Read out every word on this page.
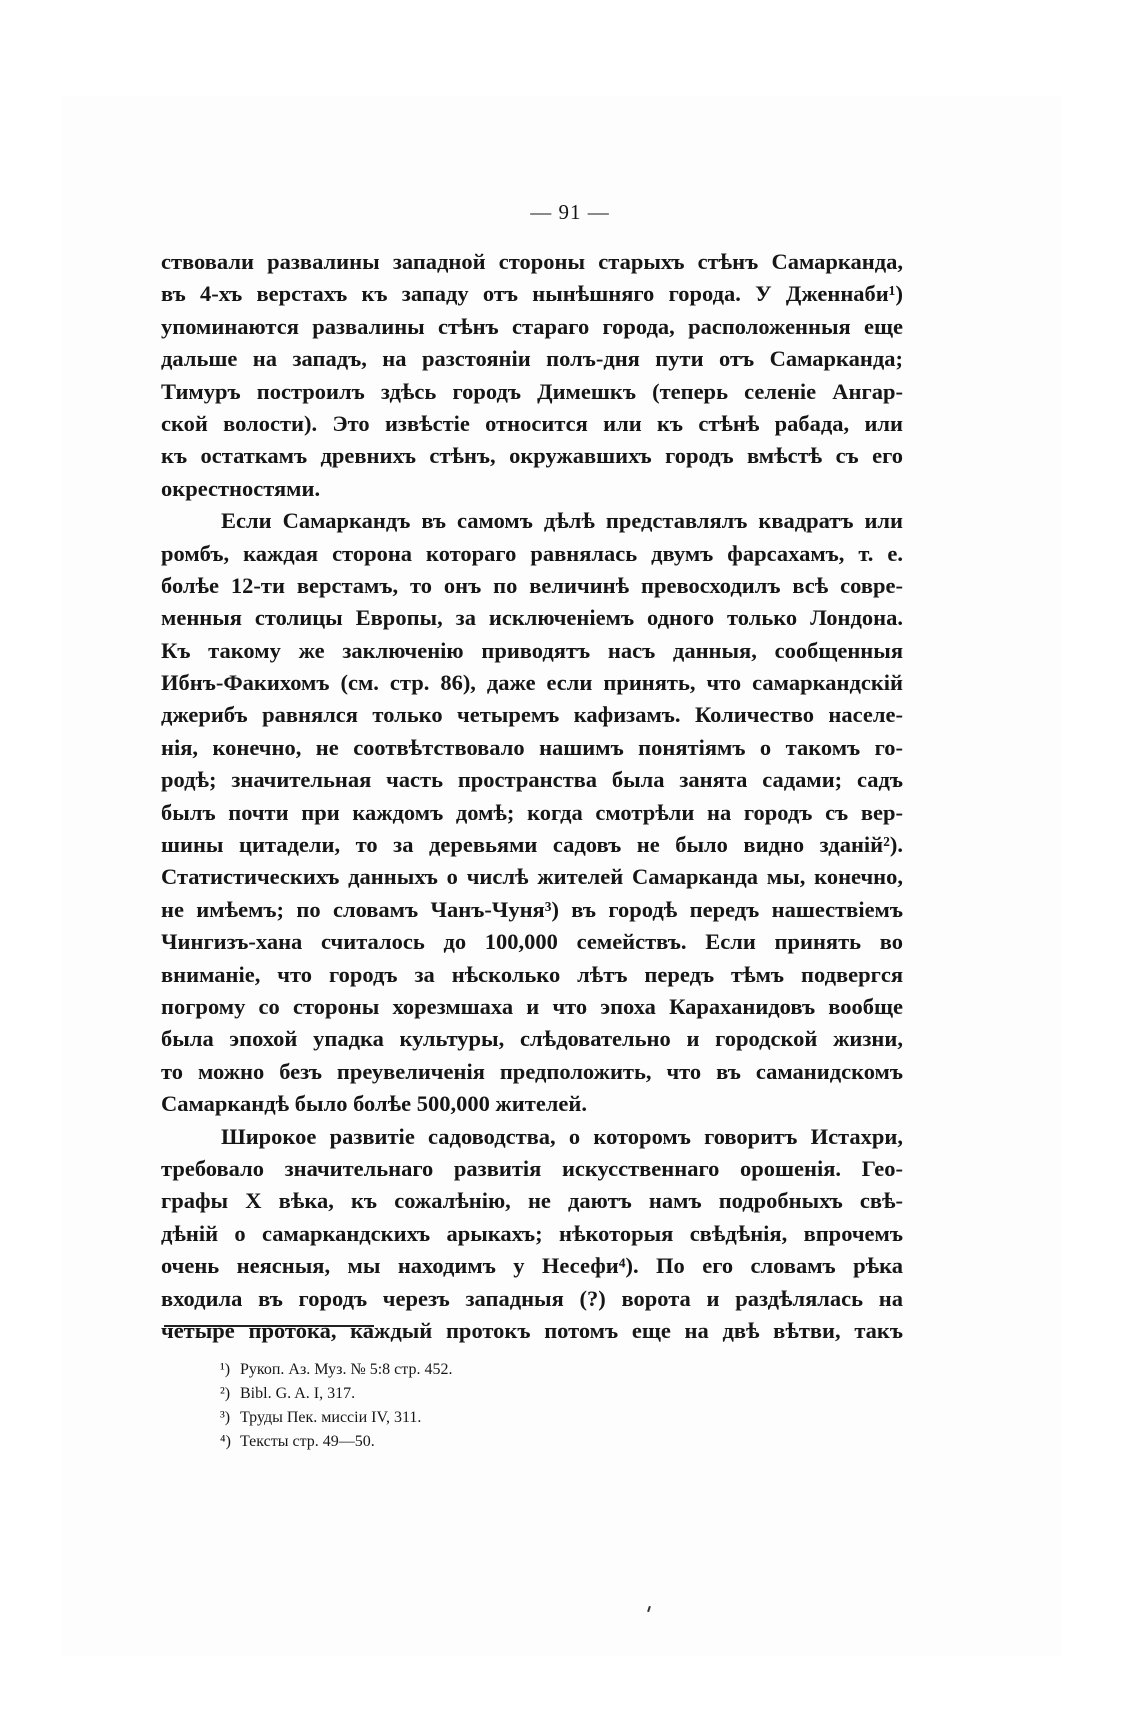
— 91 —
ствовали развалины западной стороны старыхъ стѣнъ Самарканда,
въ 4-хъ верстахъ къ западу отъ нынѣшняго города. У Дженнаби¹)
упоминаются развалины стѣнъ стараго города, расположенныя еще
дальше на западъ, на разстояніи полъ-дня пути отъ Самарканда;
Тимуръ построилъ здѣсь городъ Димешкъ (теперь селеніе Ангар-
ской волости). Это извѣстіе относится или къ стѣнѣ рабада, или
къ остаткамъ древнихъ стѣнъ, окружавшихъ городъ вмѣстѣ съ его
окрестностями.
Если Самаркандъ въ самомъ дѣлѣ представлялъ квадратъ или
ромбъ, каждая сторона котораго равнялась двумъ фарсахамъ, т. е.
болѣе 12-ти верстамъ, то онъ по величинѣ превосходилъ всѣ совре-
менныя столицы Европы, за исключеніемъ одного только Лондона.
Къ такому же заключенію приводятъ насъ данныя, сообщенныя
Ибнъ-Факихомъ (см. стр. 86), даже если принять, что самаркандскій
джерибъ равнялся только четыремъ кафизамъ. Количество населе-
нія, конечно, не соотвѣтствовало нашимъ понятіямъ о такомъ го-
родѣ; значительная часть пространства была занята садами; садъ
былъ почти при каждомъ домѣ; когда смотрѣли на городъ съ вер-
шины цитадели, то за деревьями садовъ не было видно зданій²).
Статистическихъ данныхъ о числѣ жителей Самарканда мы, конечно,
не имѣемъ; по словамъ Чанъ-Чуня³) въ городѣ передъ нашествіемъ
Чингизъ-хана считалось до 100,000 семействъ. Если принять во
вниманіе, что городъ за нѣсколько лѣтъ передъ тѣмъ подвергся
погрому со стороны хорезмшаха и что эпоха Караханидовъ вообще
была эпохой упадка культуры, слѣдовательно и городской жизни,
то можно безъ преувеличенія предположить, что въ саманидскомъ
Самаркандѣ было болѣе 500,000 жителей.
Широкое развитіе садоводства, о которомъ говоритъ Истахри,
требовало значительнаго развитія искусственнаго орошенія. Гео-
графы X вѣка, къ сожалѣнію, не даютъ намъ подробныхъ свѣ-
дѣній о самаркандскихъ арыкахъ; нѣкоторыя свѣдѣнія, впрочемъ
очень неясныя, мы находимъ у Несефи⁴). По его словамъ рѣка
входила въ городъ черезъ западныя (?) ворота и раздѣлялась на
четыре протока, каждый протокъ потомъ еще на двѣ вѣтви, такъ
¹) Рукоп. Аз. Муз. № 5:8 стр. 452.
²) Bibl. G. A. I, 317.
³) Труды Пек. миссіи IV, 311.
⁴) Тексты стр. 49—50.
